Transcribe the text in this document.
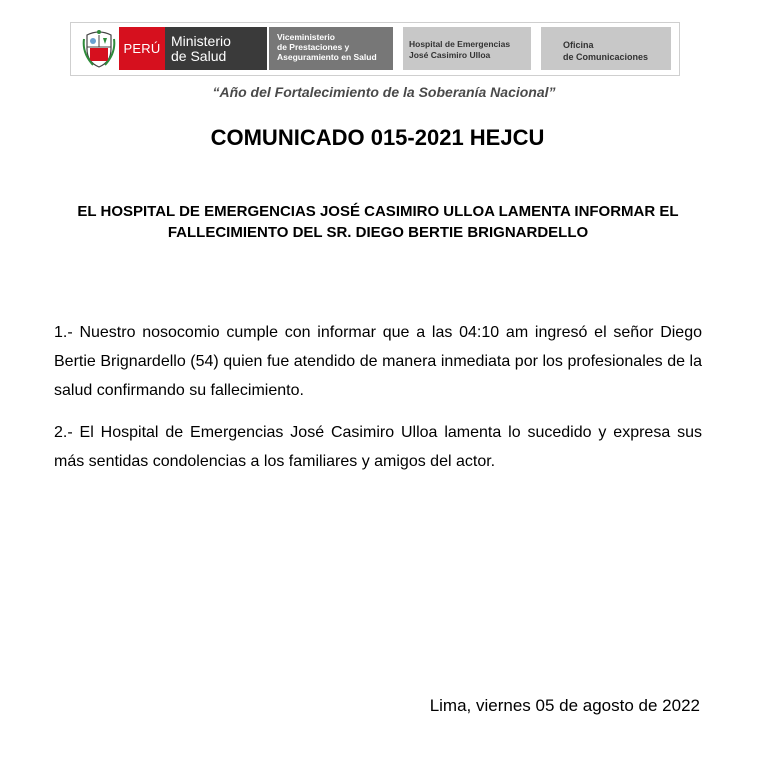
PERÚ Ministerio
de Salud
Viceministerio
de Prestaciones y
Aseguramiento en Salud
Hospital de Emergencias
José Casimiro Ulloa
Oficina
de Comunicaciones
“Año del Fortalecimiento de la Soberanía Nacional”
COMUNICADO 015-2021 HEJCU
EL HOSPITAL DE EMERGENCIAS JOSÉ CASIMIRO ULLOA LAMENTA INFORMAR EL FALLECIMIENTO DEL SR. DIEGO BERTIE BRIGNARDELLO
1.- Nuestro nosocomio cumple con informar que a las 04:10 am ingresó el señor Diego Bertie Brignardello (54) quien fue atendido de manera inmediata por los profesionales de la salud confirmando su fallecimiento.
2.- El Hospital de Emergencias José Casimiro Ulloa lamenta lo sucedido y expresa sus más sentidas condolencias a los familiares y amigos del actor.
Lima, viernes 05 de agosto de 2022
